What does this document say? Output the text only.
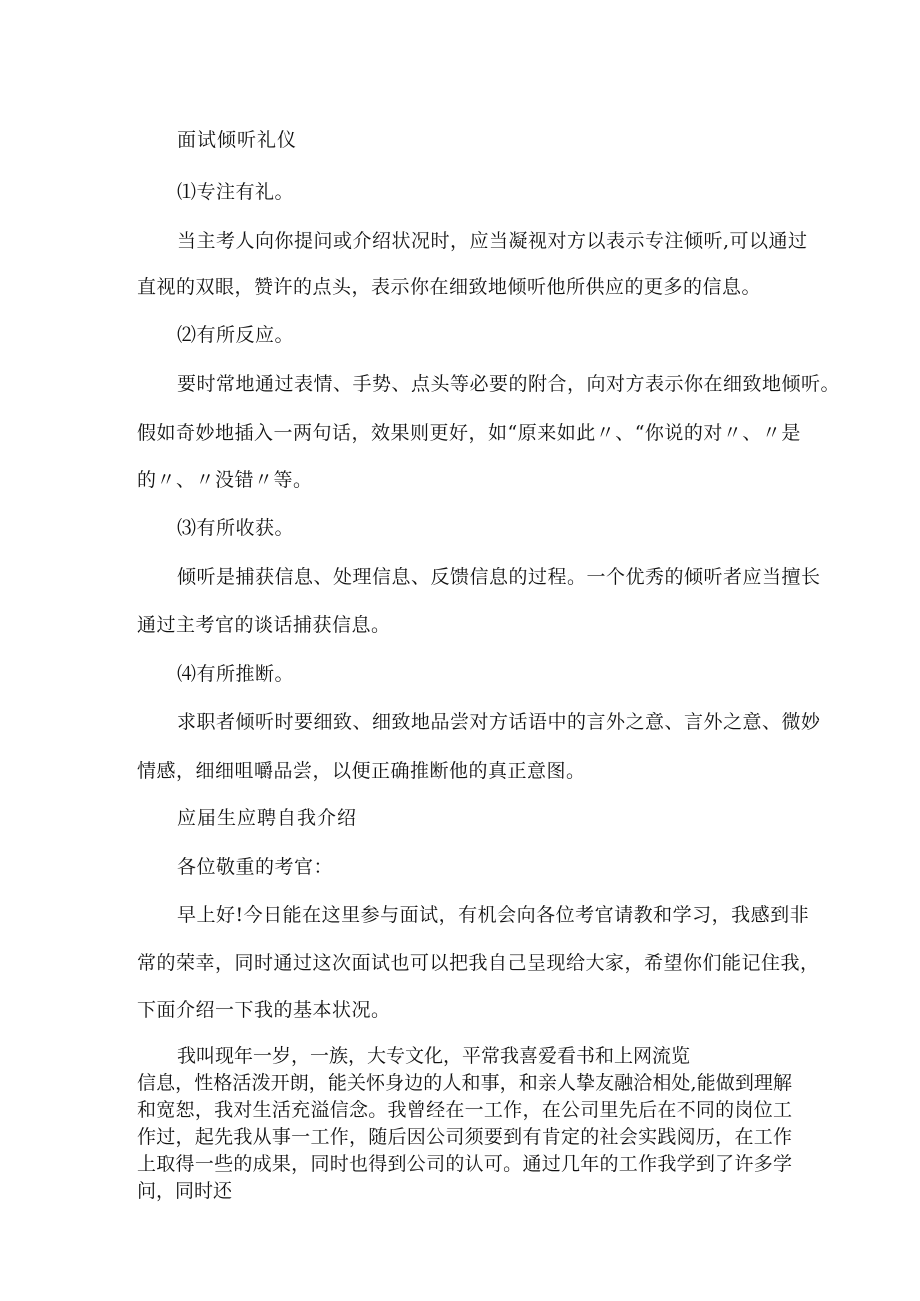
面试倾听礼仪
⑴专注有礼。
当主考人向你提问或介绍状况时，应当凝视对方以表示专注倾听,可以通过
直视的双眼，赞许的点头，表示你在细致地倾听他所供应的更多的信息。
⑵有所反应。
要时常地通过表情、手势、点头等必要的附合，向对方表示你在细致地倾听。
假如奇妙地插入一两句话，效果则更好，如“原来如此〃、“你说的对〃、〃是
的〃、〃没错〃等。
⑶有所收获。
倾听是捕获信息、处理信息、反馈信息的过程。一个优秀的倾听者应当擅长
通过主考官的谈话捕获信息。
⑷有所推断。
求职者倾听时要细致、细致地品尝对方话语中的言外之意、言外之意、微妙
情感，细细咀嚼品尝，以便正确推断他的真正意图。
应届生应聘自我介绍
各位敬重的考官：
早上好!今日能在这里参与面试，有机会向各位考官请教和学习，我感到非
常的荣幸，同时通过这次面试也可以把我自己呈现给大家，希望你们能记住我，
下面介绍一下我的基本状况。
我叫现年一岁，一族，大专文化，平常我喜爱看书和上网流览
信息，性格活泼开朗，能关怀身边的人和事，和亲人挚友融洽相处,能做到理解和宽恕，我对生活充溢信念。我曾经在一工作，在公司里先后在不同的岗位工作过，起先我从事一工作，随后因公司须要到有肯定的社会实践阅历，在工作上取得一些的成果，同时也得到公司的认可。通过几年的工作我学到了许多学问，同时还
